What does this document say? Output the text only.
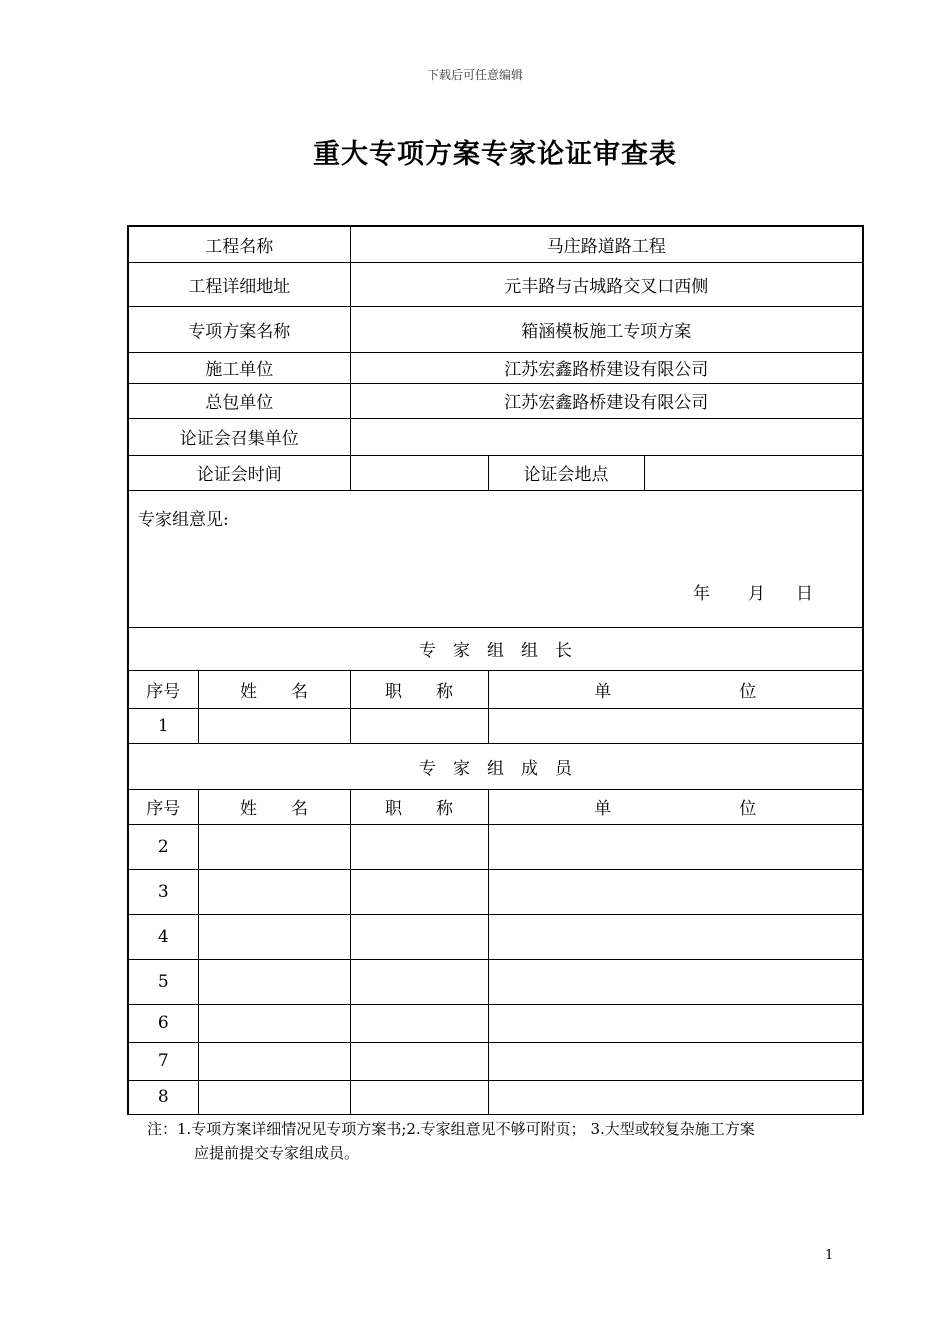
下载后可任意编辑
重大专项方案专家论证审查表
工程名称		马庄路道路工程		
工程详细地址		元丰路与古城路交叉口西侧		
专项方案名称		箱涵模板施工专项方案		
施工单位		江苏宏鑫路桥建设有限公司		
总包单位		江苏宏鑫路桥建设有限公司		
论证会召集单位				
论证会时间			论证会地点	

专家组意见:
年 月 日				

专　家　组　组　长				
序号	姓　　名	职　　称	单 位	
1				
专　家　组　成　员				
序号	姓　　名	职　　称	单 位	
2				
3				
4				
5				
6				
7				
8				
注：1.专项方案详细情况见专项方案书;2.专家组意见不够可附页； 3.大型或较复杂施工方案
应提前提交专家组成员。
1
